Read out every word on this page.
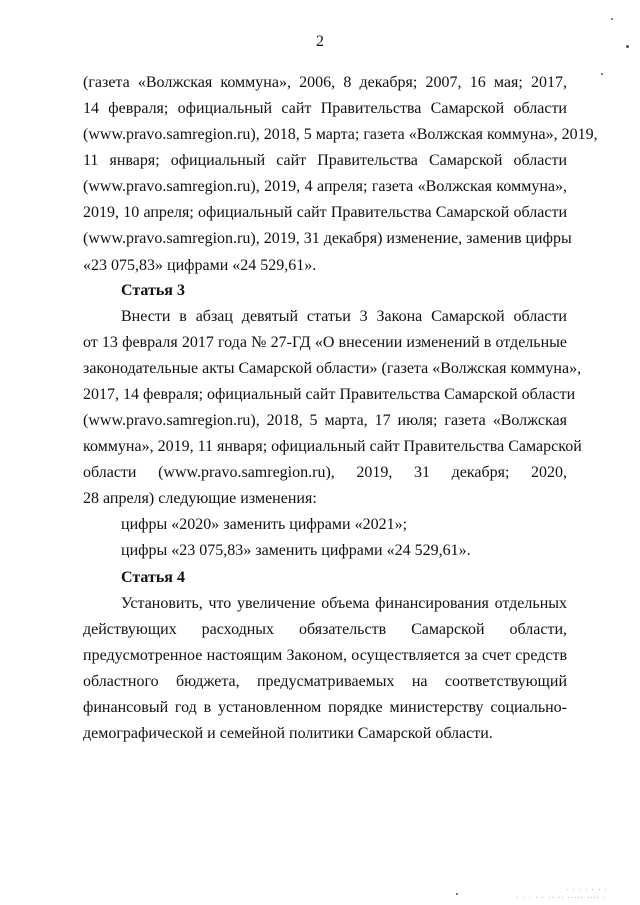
2
(газета «Волжская коммуна», 2006, 8 декабря; 2007, 16 мая; 2017,
14 февраля; официальный сайт Правительства Самарской области
(www.pravo.samregion.ru), 2018, 5 марта; газета «Волжская коммуна», 2019,
11 января; официальный сайт Правительства Самарской области
(www.pravo.samregion.ru), 2019, 4 апреля; газета «Волжская коммуна»,
2019, 10 апреля; официальный сайт Правительства Самарской области
(www.pravo.samregion.ru), 2019, 31 декабря) изменение, заменив цифры
«23 075,83» цифрами «24 529,61».
Статья 3
Внести в абзац девятый статьи 3 Закона Самарской области
от 13 февраля 2017 года № 27-ГД «О внесении изменений в отдельные
законодательные акты Самарской области» (газета «Волжская коммуна»,
2017, 14 февраля; официальный сайт Правительства Самарской области
(www.pravo.samregion.ru), 2018, 5 марта, 17 июля; газета «Волжская
коммуна», 2019, 11 января; официальный сайт Правительства Самарской
области (www.pravo.samregion.ru), 2019, 31 декабря; 2020,
28 апреля) следующие изменения:
цифры «2020» заменить цифрами «2021»;
цифры «23 075,83» заменить цифрами «24 529,61».
Статья 4
Установить, что увеличение объема финансирования отдельных
действующих расходных обязательств Самарской области,
предусмотренное настоящим Законом, осуществляется за счет средств
областного бюджета, предусматриваемых на соответствующий
финансовый год в установленном порядке министерству социально-
демографической и семейной политики Самарской области.
· · · · · · ·
· · · · · ·· ·· ····· ···· ·
